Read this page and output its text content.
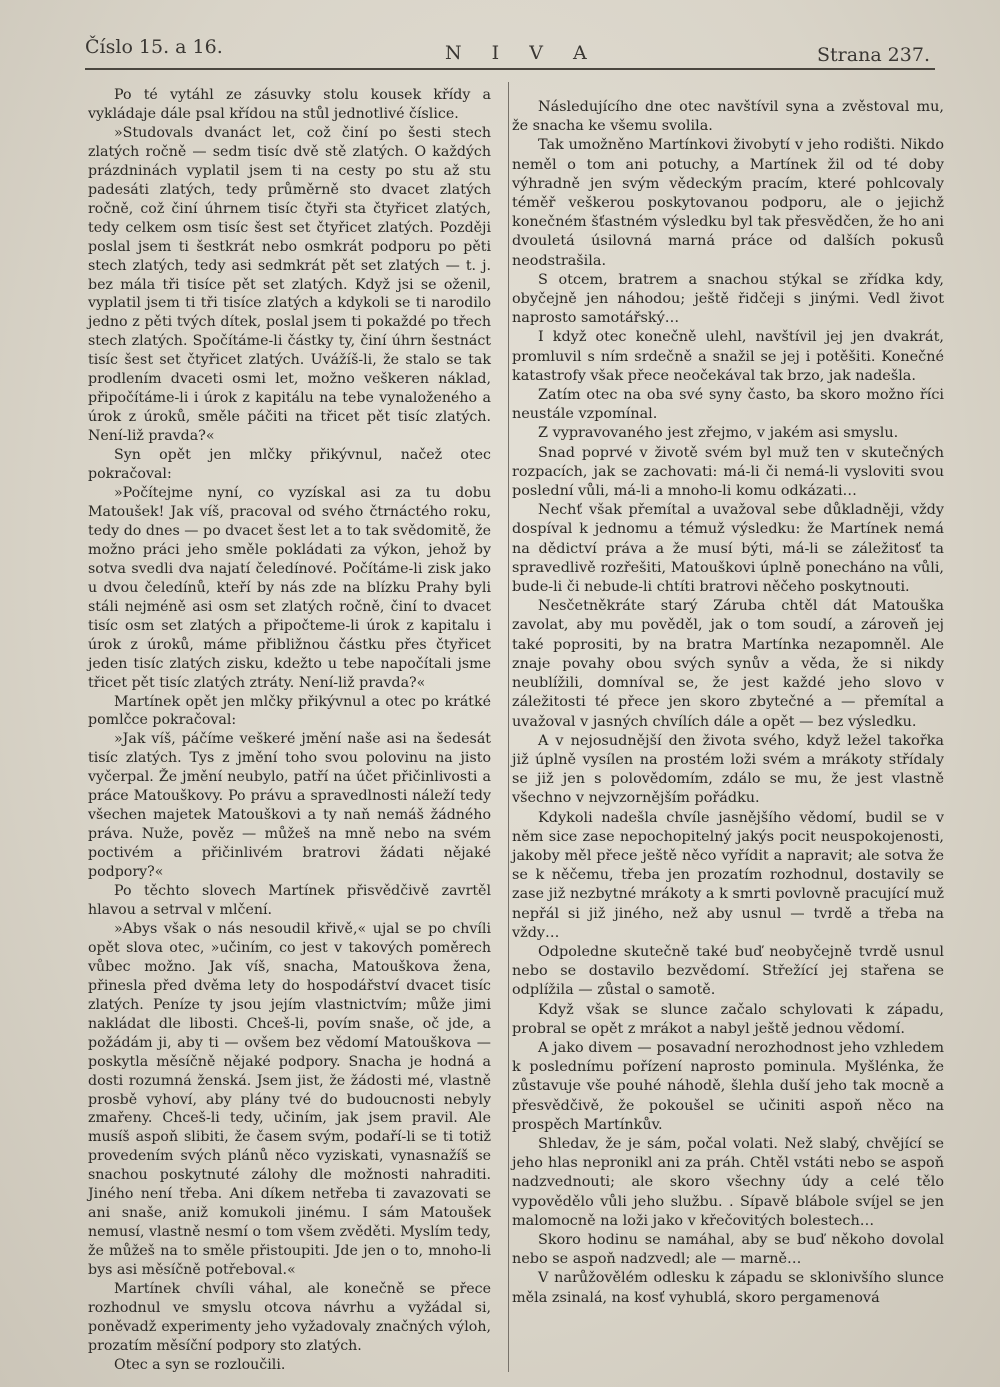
Číslo 15. a 16.	N I V A	Strana 237.

Po té vytáhl ze zásuvky stolu kousek křídy a vykládaje dále psal křídou na stůl jednotlivé číslice.

»Studovals dvanáct let, což činí po šesti stech zlatých ročně — sedm tisíc dvě stě zlatých. O každých prázdninách vyplatil jsem ti na cesty po stu až stu padesáti zlatých, tedy průměrně sto dvacet zlatých ročně, což činí úhrnem tisíc čtyři sta čtyřicet zlatých, tedy celkem osm tisíc šest set čtyřicet zlatých. Později poslal jsem ti šestkrát nebo osmkrát podporu po pěti stech zlatých, tedy asi sedmkrát pět set zlatých — t. j. bez mála tři tisíce pět set zlatých. Když jsi se oženil, vyplatil jsem ti tři tisíce zlatých a kdykoli se ti narodilo jedno z pěti tvých dítek, poslal jsem ti pokaždé po třech stech zlatých. Spočítáme-li částky ty, činí úhrn šestnáct tisíc šest set čtyřicet zlatých. Uvážíš-li, že stalo se tak prodlením dvaceti osmi let, možno veškeren náklad, připočítáme-li i úrok z kapitálu na tebe vynaloženého a úrok z úroků, směle páčiti na třicet pět tisíc zlatých. Není-liž pravda?«

Syn opět jen mlčky přikývnul, načež otec pokračoval:

»Počítejme nyní, co vyzískal asi za tu dobu Matoušek! Jak víš, pracoval od svého čtrnáctého roku, tedy do dnes — po dvacet šest let a to tak svědomitě, že možno práci jeho směle pokládati za výkon, jehož by sotva svedli dva najatí čeledínové. Počítáme-li zisk jako u dvou čeledínů, kteří by nás zde na blízku Prahy byli stáli nejméně asi osm set zlatých ročně, činí to dvacet tisíc osm set zlatých a připočteme-li úrok z kapitalu i úrok z úroků, máme přibližnou částku přes čtyřicet jeden tisíc zlatých zisku, kdežto u tebe napočítali jsme třicet pět tisíc zlatých ztráty. Není-liž pravda?«

Martínek opět jen mlčky přikývnul a otec po krátké pomlčce pokračoval:

»Jak víš, páčíme veškeré jmění naše asi na šedesát tisíc zlatých. Tys z jmění toho svou polovinu na jisto vyčerpal. Že jmění neubylo, patří na účet přičinlivosti a práce Matouškovy. Po právu a spravedlnosti náleží tedy všechen majetek Matouškovi a ty naň nemáš žádného práva. Nuže, pověz — můžeš na mně nebo na svém poctivém a přičinlivém bratrovi žádati nějaké podpory?«

Po těchto slovech Martínek přisvědčivě zavrtěl hlavou a setrval v mlčení.

»Abys však o nás nesoudil křivě,« ujal se po chvíli opět slova otec, »učiním, co jest v takových poměrech vůbec možno. Jak víš, snacha, Matouškova žena, přinesla před dvěma lety do hospodářství dvacet tisíc zlatých. Peníze ty jsou jejím vlastnictvím; může jimi nakládat dle libosti. Chceš-li, povím snaše, oč jde, a požádám ji, aby ti — ovšem bez vědomí Matouškova — poskytla měsíčně nějaké podpory. Snacha je hodná a dosti rozumná ženská. Jsem jist, že žádosti mé, vlastně prosbě vyhoví, aby plány tvé do budoucnosti nebyly zmařeny. Chceš-li tedy, učiním, jak jsem pravil. Ale musíš aspoň slibiti, že časem svým, podaří-li se ti totiž provedením svých plánů něco vyziskati, vynasnažíš se snachou poskytnuté zálohy dle možnosti nahraditi. Jiného není třeba. Ani díkem netřeba ti zavazovati se ani snaše, aniž komukoli jinému. I sám Matoušek nemusí, vlastně nesmí o tom všem zvěděti. Myslím tedy, že můžeš na to směle přistoupiti. Jde jen o to, mnoho-li bys asi měsíčně potřeboval.«

Martínek chvíli váhal, ale konečně se přece rozhodnul ve smyslu otcova návrhu a vyžádal si, poněvadž experimenty jeho vyžadovaly značných výloh, prozatím měsíční podpory sto zlatých.

Otec a syn se rozloučili.

Následujícího dne otec navštívil syna a zvěstoval mu, že snacha ke všemu svolila.

Tak umožněno Martínkovi živobytí v jeho rodišti. Nikdo neměl o tom ani potuchy, a Martínek žil od té doby výhradně jen svým vědeckým pracím, které pohlcovaly téměř veškerou poskytovanou podporu, ale o jejichž konečném šťastném výsledku byl tak přesvědčen, že ho ani dvouletá úsilovná marná práce od dalších pokusů neodstrašila.

S otcem, bratrem a snachou stýkal se zřídka kdy, obyčejně jen náhodou; ještě řidčeji s jinými. Vedl život naprosto samotářský…

I když otec konečně ulehl, navštívil jej jen dvakrát, promluvil s ním srdečně a snažil se jej i potěšiti. Konečné katastrofy však přece neočekával tak brzo, jak nadešla.

Zatím otec na oba své syny často, ba skoro možno říci neustále vzpomínal.

Z vypravovaného jest zřejmo, v jakém asi smyslu.

Snad poprvé v životě svém byl muž ten v skutečných rozpacích, jak se zachovati: má-li či nemá-li vysloviti svou poslední vůli, má-li a mnoho-li komu odkázati…

Nechť však přemítal a uvažoval sebe důkladněji, vždy dospíval k jednomu a témuž výsledku: že Martínek nemá na dědictví práva a že musí býti, má-li se záležitosť ta spravedlivě rozřešiti, Matouškovi úplně ponecháno na vůli, bude-li či nebude-li chtíti bratrovi něčeho poskytnouti.

Nesčetněkráte starý Záruba chtěl dát Matouška zavolat, aby mu pověděl, jak o tom soudí, a zároveň jej také poprositi, by na bratra Martínka nezapomněl. Ale znaje povahy obou svých synův a věda, že si nikdy neublížili, domníval se, že jest každé jeho slovo v záležitosti té přece jen skoro zbytečné a — přemítal a uvažoval v jasných chvílích dále a opět — bez výsledku.

A v nejosudnější den života svého, když ležel takořka již úplně vysílen na prostém loži svém a mrákoty střídaly se již jen s polovědomím, zdálo se mu, že jest vlastně všechno v nejvzornějším pořádku.

Kdykoli nadešla chvíle jasnějšího vědomí, budil se v něm sice zase nepochopitelný jakýs pocit neuspokojenosti, jakoby měl přece ještě něco vyřídit a napravit; ale sotva že se k něčemu, třeba jen prozatím rozhodnul, dostavily se zase již nezbytné mrákoty a k smrti povlovně pracující muž nepřál si již jiného, než aby usnul — tvrdě a třeba na vždy…

Odpoledne skutečně také buď neobyčejně tvrdě usnul nebo se dostavilo bezvědomí. Střežící jej stařena se odplížila — zůstal o samotě.

Když však se slunce začalo schylovati k západu, probral se opět z mrákot a nabyl ještě jednou vědomí.

A jako divem — posavadní nerozhodnost jeho vzhledem k poslednímu pořízení naprosto pominula. Myšlénka, že zůstavuje vše pouhé náhodě, šlehla duší jeho tak mocně a přesvědčivě, že pokoušel se učiniti aspoň něco na prospěch Martínkův.

Shledav, že je sám, počal volati. Než slabý, chvějící se jeho hlas nepronikl ani za práh. Chtěl vstáti nebo se aspoň nadzvednouti; ale skoro všechny údy a celé tělo vypovědělo vůli jeho službu. . Sípavě blábole svíjel se jen malomocně na loži jako v křečovitých bolestech…

Skoro hodinu se namáhal, aby se buď někoho dovolal nebo se aspoň nadzvedl; ale — marně…

V narůžovělém odlesku k západu se sklonivšího slunce měla zsinalá, na kosť vyhublá, skoro pergamenová
